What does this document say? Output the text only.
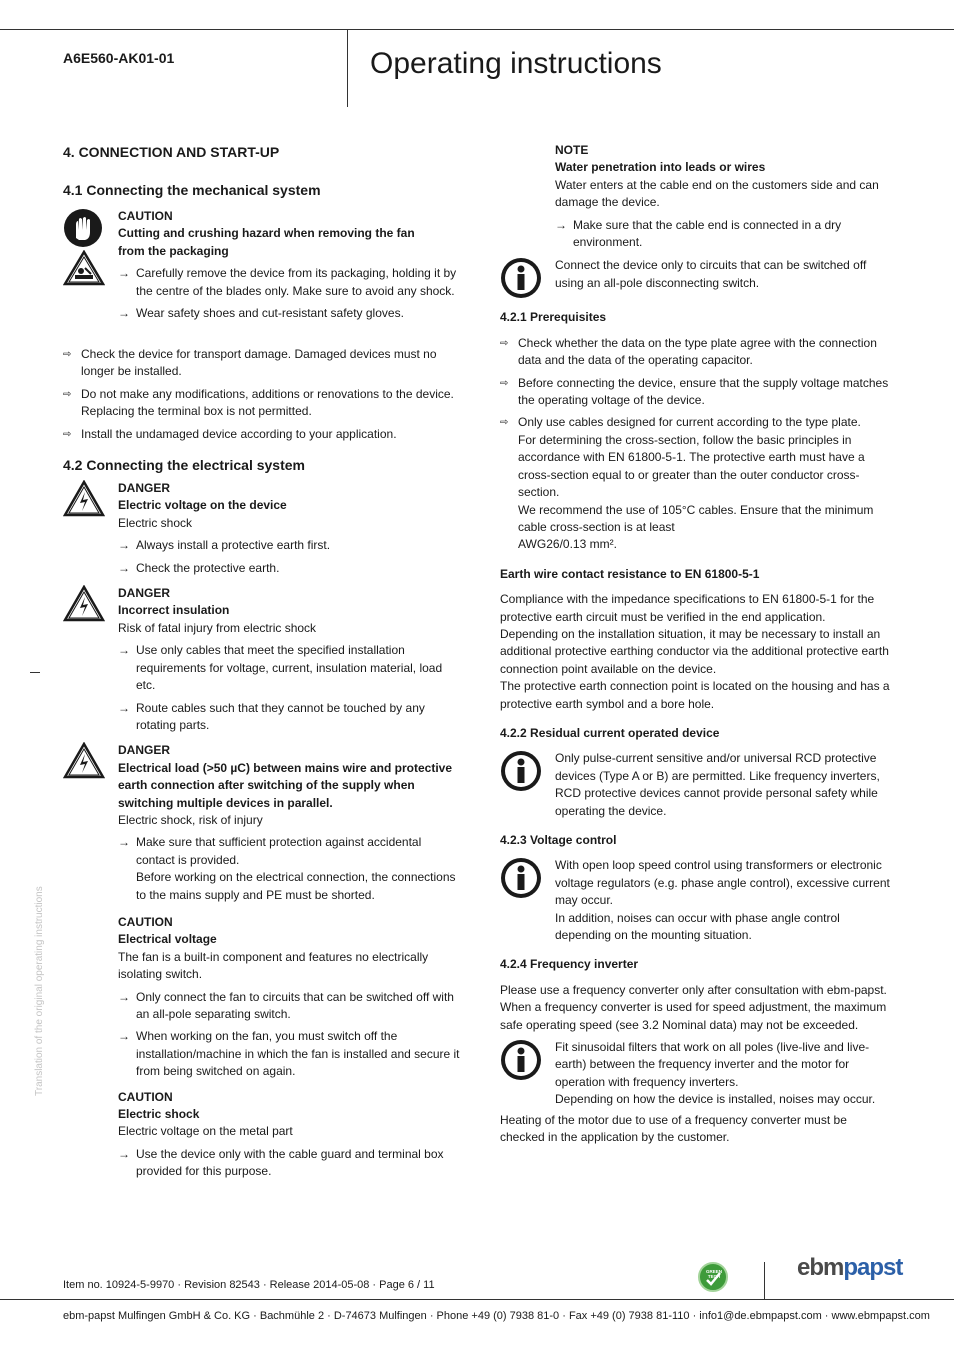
A6E560-AK01-01	Operating instructions
Translation of the original operating instructions
4. CONNECTION AND START-UP
4.1 Connecting the mechanical system
CAUTION
Cutting and crushing hazard when removing the fan
from the packaging
→ Carefully remove the device from its packaging, holding it by the centre of the blades only. Make sure to avoid any shock.
→ Wear safety shoes and cut-resistant safety gloves.
⇨ Check the device for transport damage. Damaged devices must no longer be installed.
⇨ Do not make any modifications, additions or renovations to the device. Replacing the terminal box is not permitted.
⇨ Install the undamaged device according to your application.
4.2 Connecting the electrical system
DANGER
Electric voltage on the device
Electric shock
→ Always install a protective earth first.
→ Check the protective earth.
DANGER
Incorrect insulation
Risk of fatal injury from electric shock
→ Use only cables that meet the specified installation requirements for voltage, current, insulation material, load etc.
→ Route cables such that they cannot be touched by any rotating parts.
DANGER
Electrical load (>50 µC) between mains wire and protective earth connection after switching of the supply when switching multiple devices in parallel.
Electric shock, risk of injury
→ Make sure that sufficient protection against accidental contact is provided.
Before working on the electrical connection, the connections to the mains supply and PE must be shorted.
CAUTION
Electrical voltage
The fan is a built-in component and features no electrically isolating switch.
→ Only connect the fan to circuits that can be switched off with an all-pole separating switch.
→ When working on the fan, you must switch off the installation/machine in which the fan is installed and secure it from being switched on again.
CAUTION
Electric shock
Electric voltage on the metal part
→ Use the device only with the cable guard and terminal box provided for this purpose.
NOTE
Water penetration into leads or wires
Water enters at the cable end on the customers side and can damage the device.
→ Make sure that the cable end is connected in a dry environment.
Connect the device only to circuits that can be switched off using an all-pole disconnecting switch.
4.2.1 Prerequisites
⇨ Check whether the data on the type plate agree with the connection data and the data of the operating capacitor.
⇨ Before connecting the device, ensure that the supply voltage matches the operating voltage of the device.
⇨ Only use cables designed for current according to the type plate.
For determining the cross-section, follow the basic principles in accordance with EN 61800-5-1. The protective earth must have a cross-section equal to or greater than the outer conductor cross-section.
We recommend the use of 105°C cables. Ensure that the minimum cable cross-section is at least
AWG26/0.13 mm².
Earth wire contact resistance to EN 61800-5-1
Compliance with the impedance specifications to EN 61800-5-1 for the protective earth circuit must be verified in the end application.
Depending on the installation situation, it may be necessary to install an additional protective earthing conductor via the additional protective earth connection point available on the device.
The protective earth connection point is located on the housing and has a protective earth symbol and a bore hole.
4.2.2 Residual current operated device
Only pulse-current sensitive and/or universal RCD protective devices (Type A or B) are permitted. Like frequency inverters, RCD protective devices cannot provide personal safety while operating the device.
4.2.3 Voltage control
With open loop speed control using transformers or electronic voltage regulators (e.g. phase angle control), excessive current may occur.
In addition, noises can occur with phase angle control depending on the mounting situation.
4.2.4 Frequency inverter
Please use a frequency converter only after consultation with ebm-papst. When a frequency converter is used for speed adjustment, the maximum safe operating speed (see 3.2 Nominal data) may not be exceeded.
Fit sinusoidal filters that work on all poles (live-live and live-earth) between the frequency inverter and the motor for operation with frequency inverters.
Depending on how the device is installed, noises may occur.
Heating of the motor due to use of a frequency converter must be checked in the application by the customer.
Item no. 10924-5-9970 · Revision 82543 · Release 2014-05-08 · Page 6 / 11
GREEN TECH	ebmpapst
ebm-papst Mulfingen GmbH & Co. KG · Bachmühle 2 · D-74673 Mulfingen · Phone +49 (0) 7938 81-0 · Fax +49 (0) 7938 81-110 · info1@de.ebmpapst.com · www.ebmpapst.com
